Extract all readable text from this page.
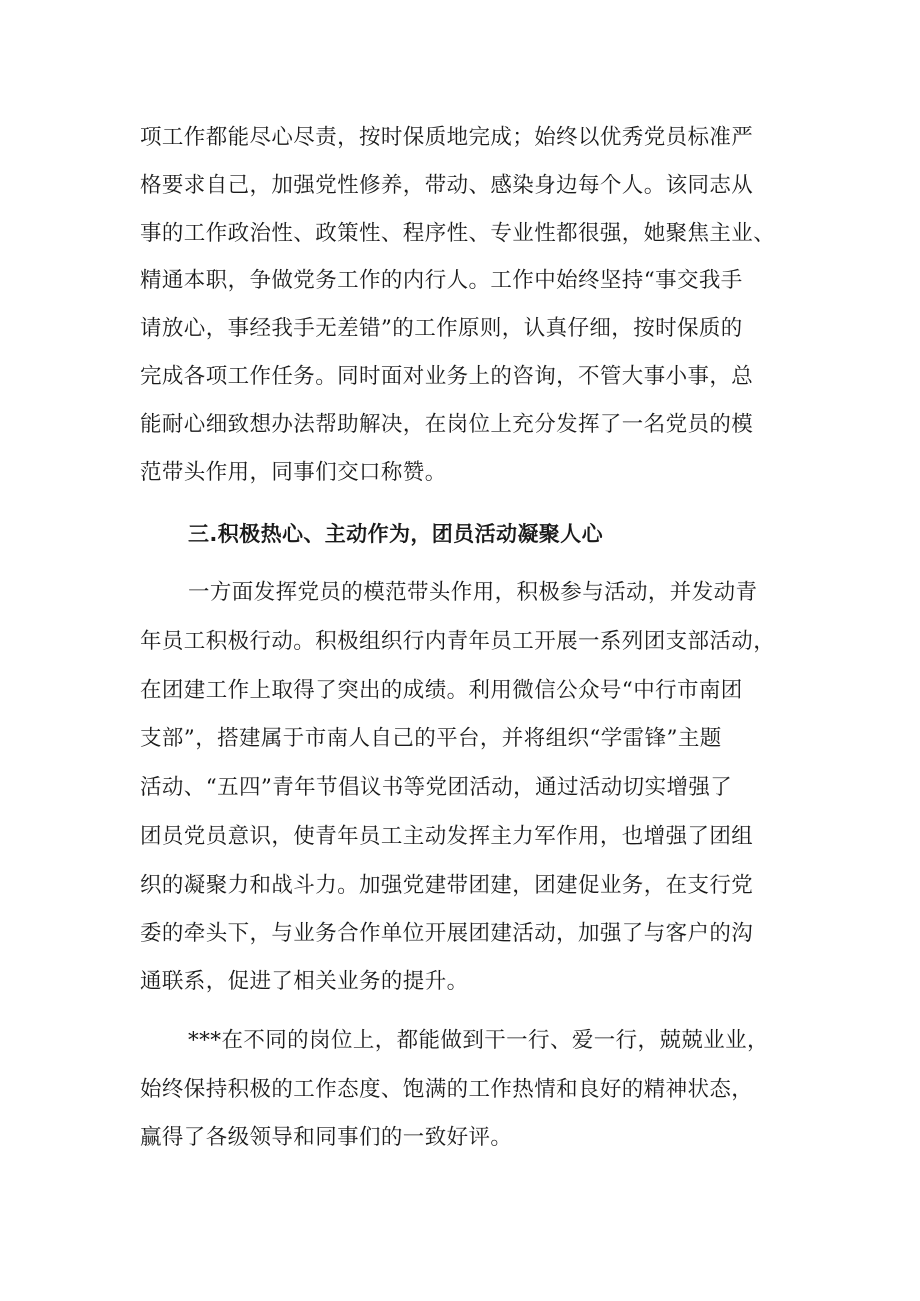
项工作都能尽心尽责，按时保质地完成；始终以优秀党员标准严

格要求自己，加强党性修养，带动、感染身边每个人。该同志从

事的工作政治性、政策性、程序性、专业性都很强，她聚焦主业、

精通本职，争做党务工作的内行人。工作中始终坚持“事交我手

请放心，事经我手无差错”的工作原则，认真仔细，按时保质的

完成各项工作任务。同时面对业务上的咨询，不管大事小事，总

能耐心细致想办法帮助解决，在岗位上充分发挥了一名党员的模

范带头作用，同事们交口称赞。

三.积极热心、主动作为，团员活动凝聚人心

一方面发挥党员的模范带头作用，积极参与活动，并发动青

年员工积极行动。积极组织行内青年员工开展一系列团支部活动，

在团建工作上取得了突出的成绩。利用微信公众号“中行市南团

支部”，搭建属于市南人自己的平台，并将组织“学雷锋”主题

活动、“五四”青年节倡议书等党团活动，通过活动切实增强了

团员党员意识，使青年员工主动发挥主力军作用，也增强了团组

织的凝聚力和战斗力。加强党建带团建，团建促业务，在支行党

委的牵头下，与业务合作单位开展团建活动，加强了与客户的沟

通联系，促进了相关业务的提升。

***在不同的岗位上，都能做到干一行、爱一行，兢兢业业，

始终保持积极的工作态度、饱满的工作热情和良好的精神状态，

赢得了各级领导和同事们的一致好评。
